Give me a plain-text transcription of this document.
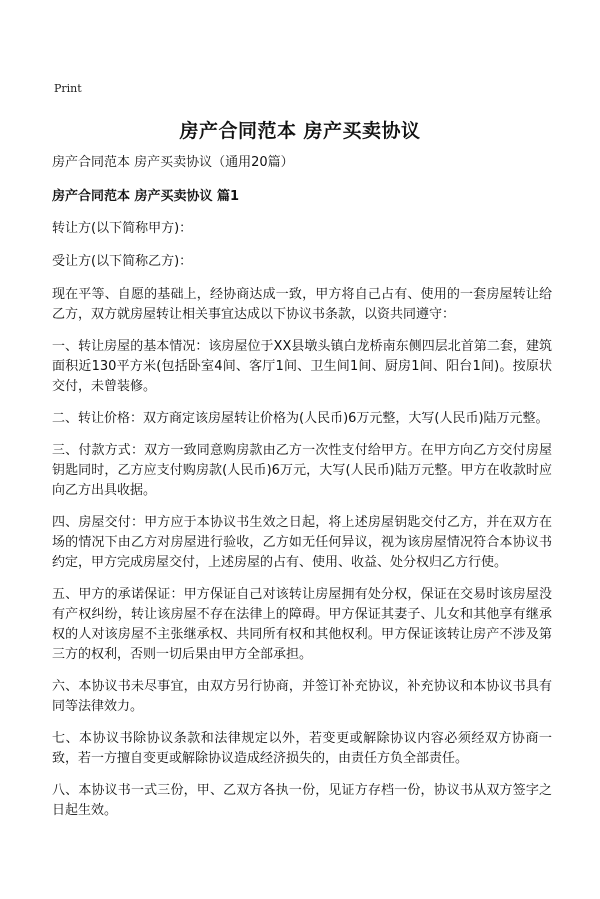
Print
房产合同范本 房产买卖协议
房产合同范本 房产买卖协议（通用20篇）
房产合同范本 房产买卖协议 篇1
转让方(以下简称甲方)：
受让方(以下简称乙方)：
现在平等、自愿的基础上，经协商达成一致，甲方将自己占有、使用的一套房屋转让给乙方，双方就房屋转让相关事宜达成以下协议书条款，以资共同遵守：
一、转让房屋的基本情况：该房屋位于XX县墩头镇白龙桥南东侧四层北首第二套，建筑面积近130平方米(包括卧室4间、客厅1间、卫生间1间、厨房1间、阳台1间)。按原状交付，未曾装修。
二、转让价格：双方商定该房屋转让价格为(人民币)6万元整，大写(人民币)陆万元整。
三、付款方式：双方一致同意购房款由乙方一次性支付给甲方。在甲方向乙方交付房屋钥匙同时，乙方应支付购房款(人民币)6万元，大写(人民币)陆万元整。甲方在收款时应向乙方出具收据。
四、房屋交付：甲方应于本协议书生效之日起，将上述房屋钥匙交付乙方，并在双方在场的情况下由乙方对房屋进行验收，乙方如无任何异议，视为该房屋情况符合本协议书约定，甲方完成房屋交付，上述房屋的占有、使用、收益、处分权归乙方行使。
五、甲方的承诺保证：甲方保证自己对该转让房屋拥有处分权，保证在交易时该房屋没有产权纠纷，转让该房屋不存在法律上的障碍。甲方保证其妻子、儿女和其他享有继承权的人对该房屋不主张继承权、共同所有权和其他权利。甲方保证该转让房产不涉及第三方的权利，否则一切后果由甲方全部承担。
六、本协议书未尽事宜，由双方另行协商，并签订补充协议，补充协议和本协议书具有同等法律效力。
七、本协议书除协议条款和法律规定以外，若变更或解除协议内容必须经双方协商一致，若一方擅自变更或解除协议造成经济损失的，由责任方负全部责任。
八、本协议书一式三份，甲、乙双方各执一份，见证方存档一份，协议书从双方签字之日起生效。
